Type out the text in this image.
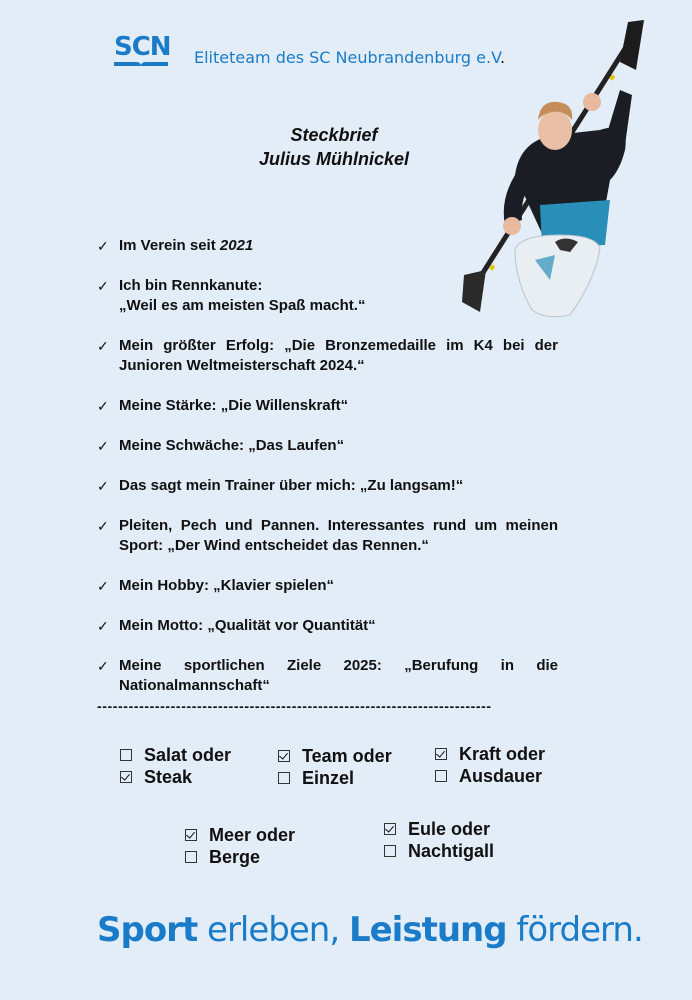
SCN Eliteteam des SC Neubrandenburg e.V.
Steckbrief
Julius Mühlnickel
✓ Im Verein seit 2021
✓ Ich bin Rennkanute:
„Weil es am meisten Spaß macht.“
✓ Mein größter Erfolg: „Die Bronzemedaille im K4 bei der Junioren Weltmeisterschaft 2024.“
✓ Meine Stärke: „Die Willenskraft“
✓ Meine Schwäche: „Das Laufen“
✓ Das sagt mein Trainer über mich: „Zu langsam!“
✓ Pleiten, Pech und Pannen. Interessantes rund um meinen Sport: „Der Wind entscheidet das Rennen.“
✓ Mein Hobby: „Klavier spielen“
✓ Mein Motto: „Qualität vor Quantität“
✓ Meine sportlichen Ziele 2025: „Berufung in die Nationalmannschaft“
---------------------------------------------------------------------------
Salat oder
Steak
Team oder
Einzel
Kraft oder
Ausdauer
Meer oder
Berge
Eule oder
Nachtigall
Sport erleben, Leistung fördern.
